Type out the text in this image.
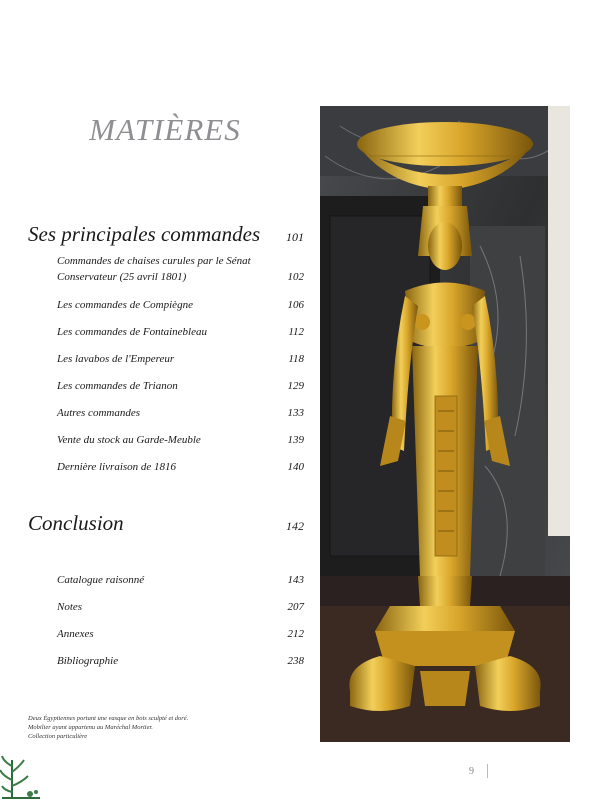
MATIÈRES
Ses principales commandes 101
Commandes de chaises curules par le Sénat Conservateur (25 avril 1801)	102
Les commandes de Compiègne	106
Les commandes de Fontainebleau	112
Les lavabos de l'Empereur	118
Les commandes de Trianon	129
Autres commandes	133
Vente du stock au Garde-Meuble	139
Dernière livraison de 1816	140
Conclusion	142
Catalogue raisonné	143
Notes	207
Annexes	212
Bibliographie	238
Deux Égyptiennes portant une vasque en bois sculpté et doré.
Mobilier ayant appartenu au Maréchal Mortier.
Collection particulière
9
